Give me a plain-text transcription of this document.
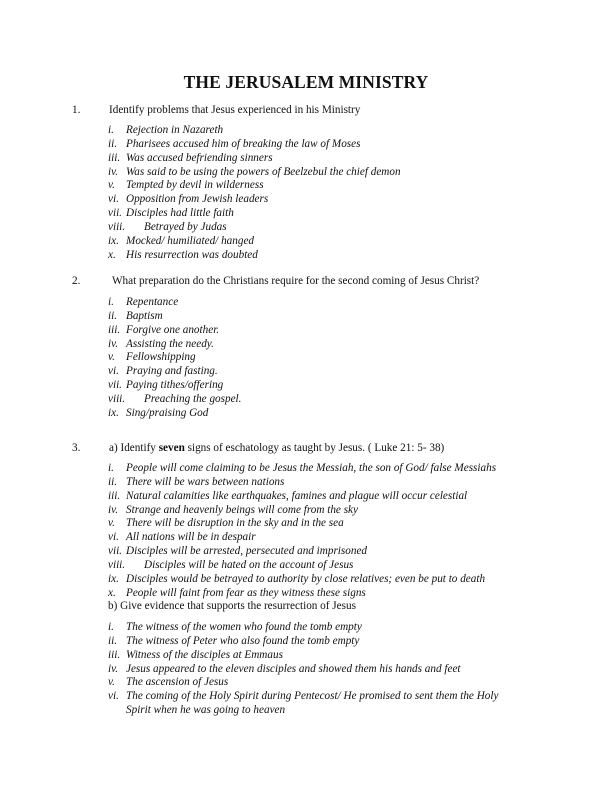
THE JERUSALEM MINISTRY
1.	Identify problems that Jesus experienced in his Ministry
i. Rejection in Nazareth
ii. Pharisees accused him of breaking the law of Moses
iii. Was accused befriending sinners
iv. Was said to be using the powers of Beelzebul the chief demon
v. Tempted by devil in wilderness
vi. Opposition from Jewish leaders
vii. Disciples had little faith
viii. Betrayed by Judas
ix. Mocked/ humiliated/ hanged
x. His resurrection was doubted
2.	What preparation do the Christians require for the second coming of Jesus Christ?
i. Repentance
ii. Baptism
iii. Forgive one another.
iv. Assisting the needy.
v. Fellowshipping
vi. Praying and fasting.
vii. Paying tithes/offering
viii. Preaching the gospel.
ix. Sing/praising God
3.	a) Identify seven signs of eschatology as taught by Jesus. ( Luke 21: 5- 38)
i. People will come claiming to be Jesus the Messiah, the son of God/ false Messiahs
ii. There will be wars between nations
iii. Natural calamities like earthquakes, famines and plague will occur celestial
iv. Strange and heavenly beings will come from the sky
v. There will be disruption in the sky and in the sea
vi. All nations will be in despair
vii. Disciples will be arrested, persecuted and imprisoned
viii. Disciples will be hated on the account of Jesus
ix. Disciples would be betrayed to authority by close relatives; even be put to death
x. People will faint from fear as they witness these signs
b) Give evidence that supports the resurrection of Jesus
i. The witness of the women who found the tomb empty
ii. The witness of Peter who also found the tomb empty
iii. Witness of the disciples at Emmaus
iv. Jesus appeared to the eleven disciples and showed them his hands and feet
v. The ascension of Jesus
vi. The coming of the Holy Spirit during Pentecost/ He promised to sent them the Holy Spirit when he was going to heaven
